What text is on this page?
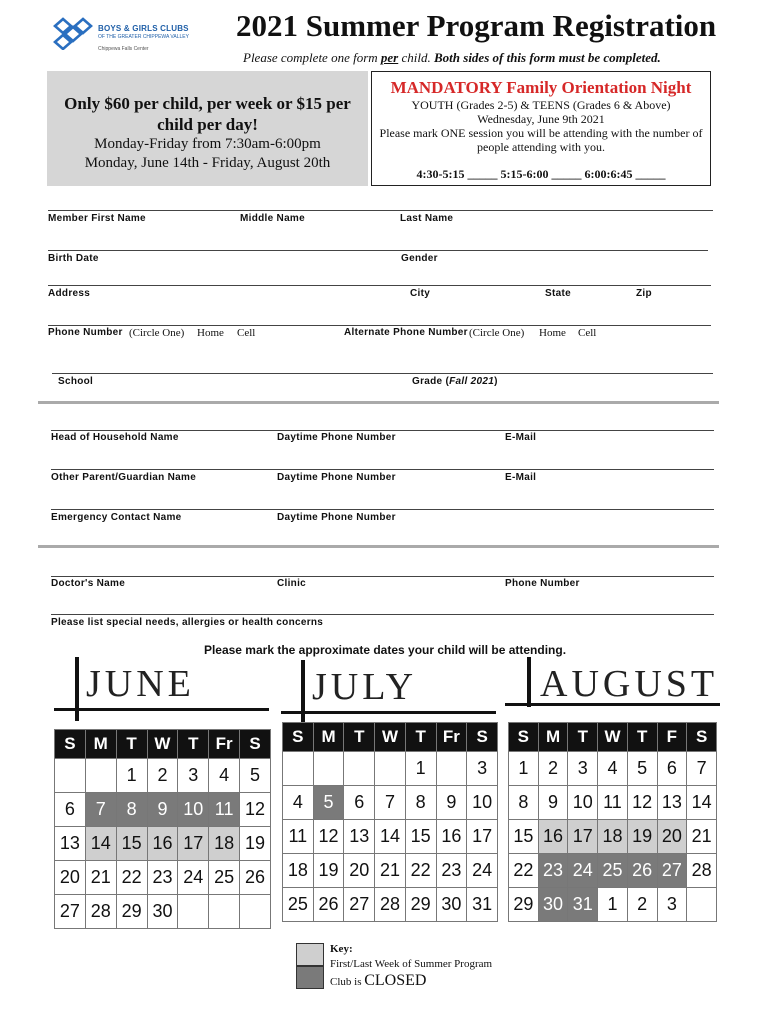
BOYS & GIRLS CLUBS
OF THE GREATER CHIPPEWA VALLEY
Chippewa Falls Center
2021 Summer Program Registration
Please complete one form per child. Both sides of this form must be completed.
Only $60 per child, per week or $15 per child per day!
Monday-Friday from 7:30am-6:00pm
Monday, June 14th - Friday, August 20th
MANDATORY Family Orientation Night
YOUTH (Grades 2-5) & TEENS (Grades 6 & Above)
Wednesday, June 9th 2021
Please mark ONE session you will be attending with the number of people attending with you.
4:30-5:15 _____ 5:15-6:00 _____ 6:00:6:45 _____
Member First Name	Middle Name	Last Name
Birth Date	Gender
Address	City	State	Zip
Phone Number (Circle One) Home Cell	Alternate Phone Number (Circle One) Home Cell
School	Grade (Fall 2021)
Head of Household Name	Daytime Phone Number	E-Mail
Other Parent/Guardian Name	Daytime Phone Number	E-Mail
Emergency Contact Name	Daytime Phone Number
Doctor's Name	Clinic	Phone Number
Please list special needs, allergies or health concerns
Please mark the approximate dates your child will be attending.
JUNE
S	M	T	W	T	Fr	S
		1	2	3	4	5
6	7	8	9	10	11	12
13	14	15	16	17	18	19
20	21	22	23	24	25	26
27	28	29	30			
JULY
S	M	T	W	T	Fr	S
				1		3
4	5	6	7	8	9	10
11	12	13	14	15	16	17
18	19	20	21	22	23	24
25	26	27	28	29	30	31
AUGUST
S	M	T	W	T	F	S
1	2	3	4	5	6	7
8	9	10	11	12	13	14
15	16	17	18	19	20	21
22	23	24	25	26	27	28
29	30	31	1	2	3	
Key:
First/Last Week of Summer Program
Club is CLOSED
